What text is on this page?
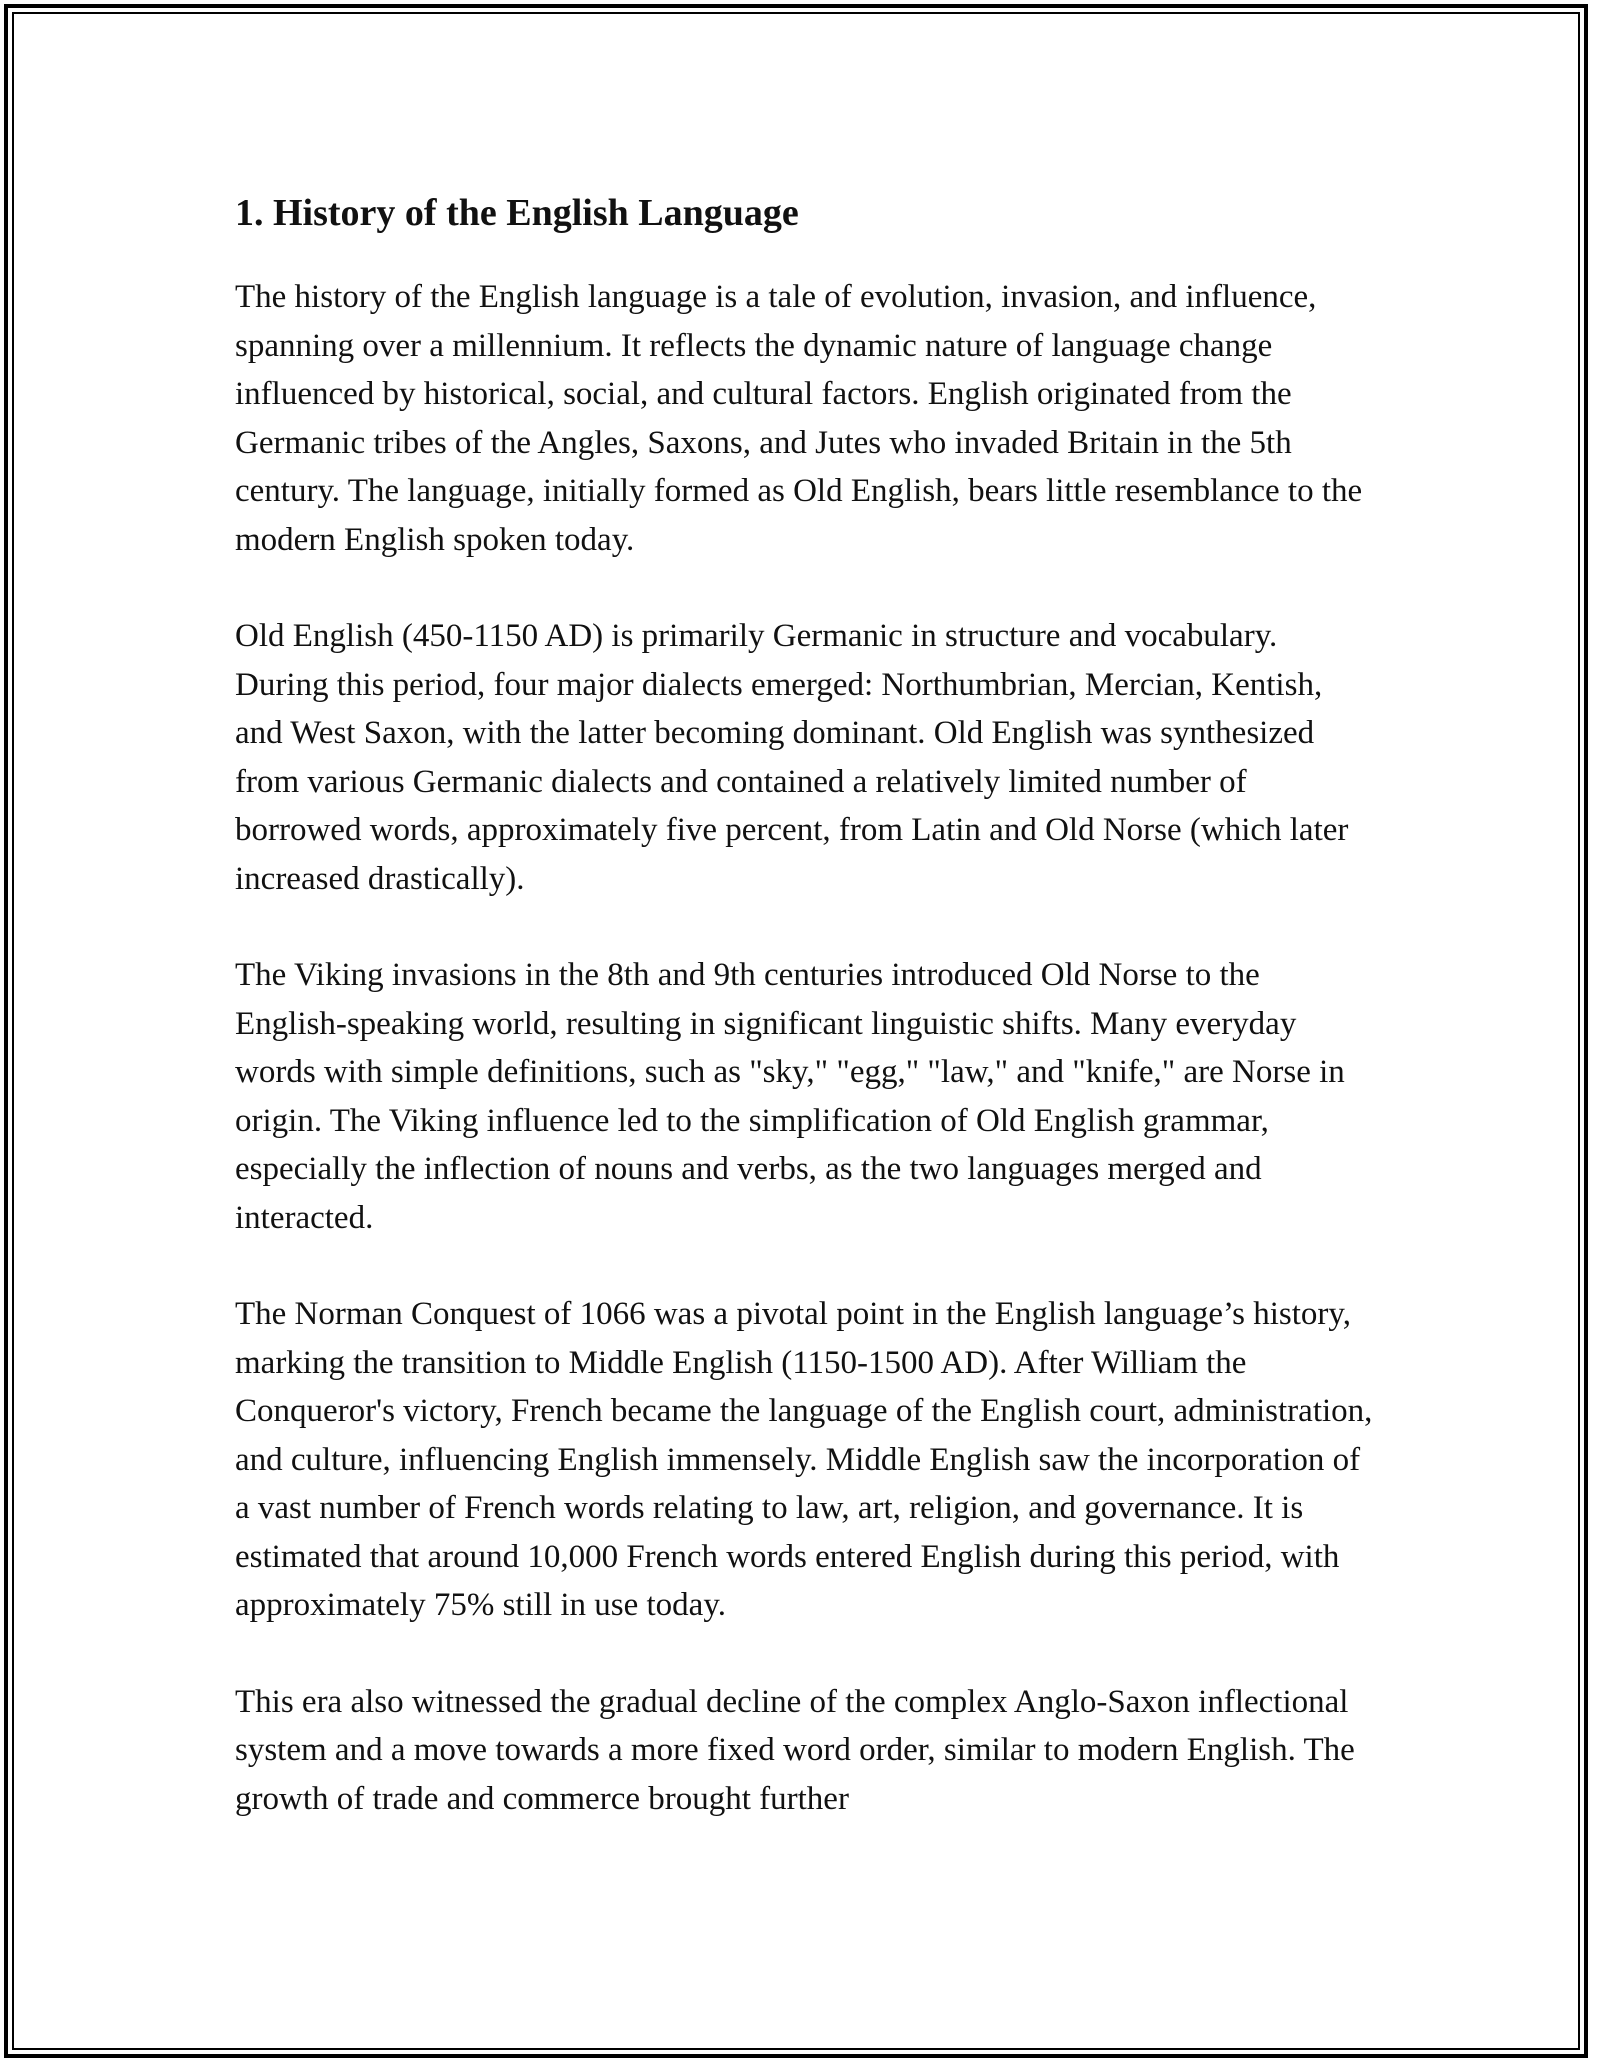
1. History of the English Language

The history of the English language is a tale of evolution, invasion, and influence, spanning over a millennium. It reflects the dynamic nature of language change influenced by historical, social, and cultural factors. English originated from the Germanic tribes of the Angles, Saxons, and Jutes who invaded Britain in the 5th century. The language, initially formed as Old English, bears little resemblance to the modern English spoken today.

Old English (450-1150 AD) is primarily Germanic in structure and vocabulary. During this period, four major dialects emerged: Northumbrian, Mercian, Kentish, and West Saxon, with the latter becoming dominant. Old English was synthesized from various Germanic dialects and contained a relatively limited number of borrowed words, approximately five percent, from Latin and Old Norse (which later increased drastically).

The Viking invasions in the 8th and 9th centuries introduced Old Norse to the English-speaking world, resulting in significant linguistic shifts. Many everyday words with simple definitions, such as "sky," "egg," "law," and "knife," are Norse in origin. The Viking influence led to the simplification of Old English grammar, especially the inflection of nouns and verbs, as the two languages merged and interacted.

The Norman Conquest of 1066 was a pivotal point in the English language’s history, marking the transition to Middle English (1150-1500 AD). After William the Conqueror's victory, French became the language of the English court, administration, and culture, influencing English immensely. Middle English saw the incorporation of a vast number of French words relating to law, art, religion, and governance. It is estimated that around 10,000 French words entered English during this period, with approximately 75% still in use today.

This era also witnessed the gradual decline of the complex Anglo-Saxon inflectional system and a move towards a more fixed word order, similar to modern English. The growth of trade and commerce brought further
